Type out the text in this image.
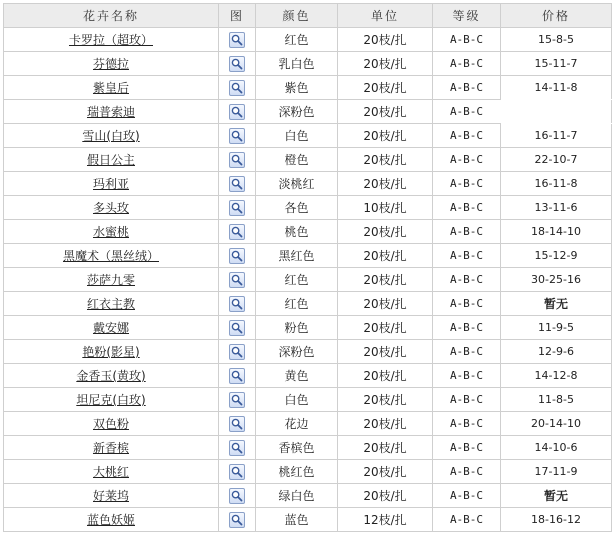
花卉名称	图	颜色	单位	等级	价格
卡罗拉（超玫）		红色	20枝/扎	A-B-C	15-8-5
芬德拉		乳白色	20枝/扎	A-B-C	15-11-7
紫皇后		紫色	20枝/扎	A-B-C	14-11-8
瑞普索迪		深粉色	20枝/扎	A-B-C	
雪山(白玫)		白色	20枝/扎	A-B-C	16-11-7
假日公主		橙色	20枝/扎	A-B-C	22-10-7
玛利亚		淡桃红	20枝/扎	A-B-C	16-11-8
多头玫		各色	10枝/扎	A-B-C	13-11-6
水蜜桃		桃色	20枝/扎	A-B-C	18-14-10
黑魔术（黑丝绒）		黑红色	20枝/扎	A-B-C	15-12-9
莎萨九零		红色	20枝/扎	A-B-C	30-25-16
红衣主教		红色	20枝/扎	A-B-C	暂无
戴安娜		粉色	20枝/扎	A-B-C	11-9-5
艳粉(影星)		深粉色	20枝/扎	A-B-C	12-9-6
金香玉(黄玫)		黄色	20枝/扎	A-B-C	14-12-8
坦尼克(白玫)		白色	20枝/扎	A-B-C	11-8-5
双色粉		花边	20枝/扎	A-B-C	20-14-10
新香槟		香槟色	20枝/扎	A-B-C	14-10-6
大桃红		桃红色	20枝/扎	A-B-C	17-11-9
好莱坞		绿白色	20枝/扎	A-B-C	暂无
蓝色妖姬		蓝色	12枝/扎	A-B-C	18-16-12
